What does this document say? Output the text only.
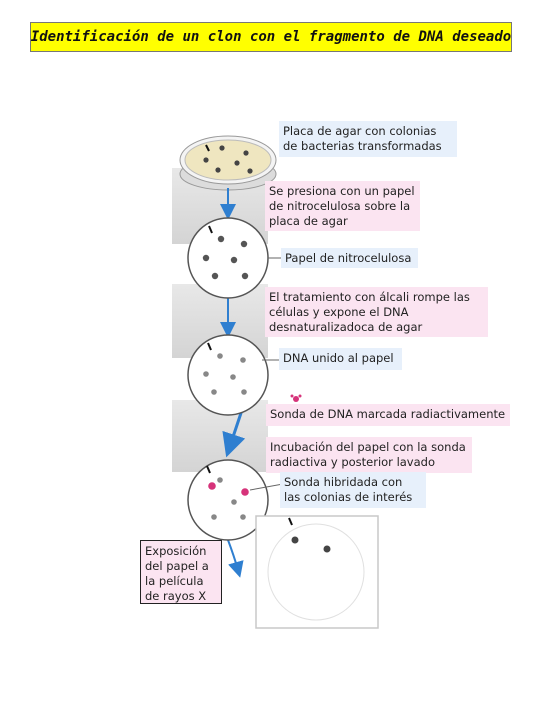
Identificación de un clon con el fragmento de DNA deseado
Placa de agar con colonias de bacterias transformadas
Se presiona con un papel de nitrocelulosa sobre la placa de agar
Papel de nitrocelulosa
El tratamiento con álcali rompe las células y expone el DNA desnaturalizadoca de agar
DNA unido al papel
Sonda de DNA marcada radiactivamente
Incubación del papel con la sonda radiactiva y posterior lavado
Sonda hibridada con las colonias de interés
Exposición del papel a la película de rayos X
